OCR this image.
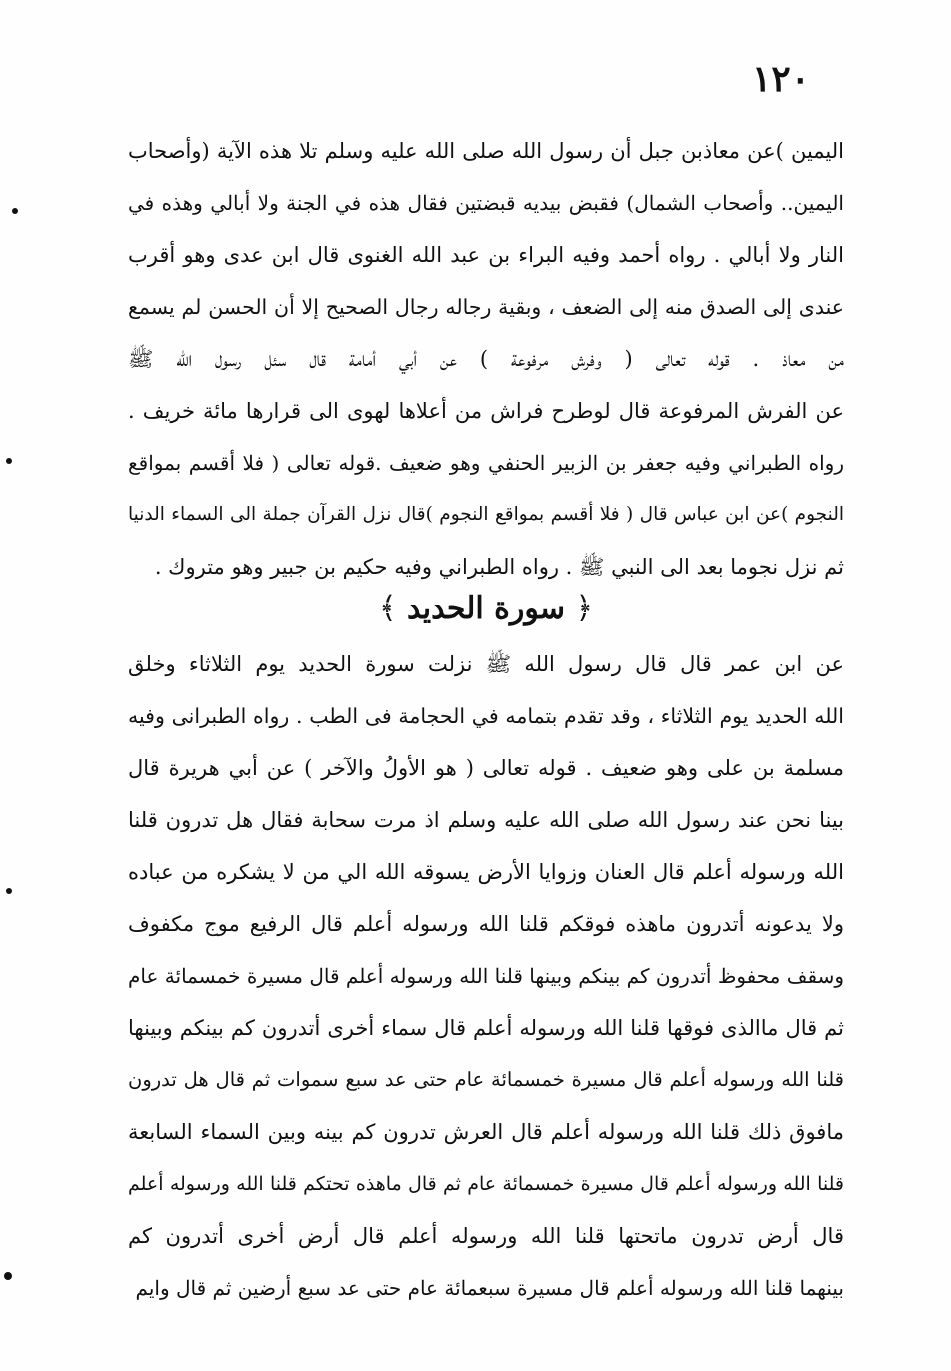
١٢٠
اليمين )عن معاذبن جبل أن رسول الله صلى الله عليه وسلم تلا هذه الآية (وأصحاب
اليمين.. وأصحاب الشمال) فقبض بيديه قبضتين فقال هذه في الجنة ولا أبالي وهذه في
النار ولا أبالي . رواه أحمد وفيه البراء بن عبد الله الغنوى قال ابن عدى وهو أقرب
عندى إلى الصدق منه إلى الضعف ، وبقية رجاله رجال الصحيح إلا أن الحسن لم يسمع
من معاذ . قوله تعالى ( وفرش مرفوعة ) عن أبي أمامة قال سئل رسول الله ﷺ
عن الفرش المرفوعة قال لوطرح فراش من أعلاها لهوى الى قرارها مائة خريف .
رواه الطبراني وفيه جعفر بن الزبير الحنفي وهو ضعيف .قوله تعالى ( فلا أقسم بمواقع
النجوم )عن ابن عباس قال ( فلا أقسم بمواقع النجوم )قال نزل القرآن جملة الى السماء الدنيا
ثم نزل نجوما بعد الى النبي ﷺ . رواه الطبراني وفيه حكيم بن جبير وهو متروك .
﴿ سورة الحديد ﴾
عن ابن عمر قال قال رسول الله ﷺ نزلت سورة الحديد يوم الثلاثاء وخلق
الله الحديد يوم الثلاثاء ، وقد تقدم بتمامه في الحجامة فى الطب . رواه الطبرانى وفيه
مسلمة بن على وهو ضعيف . قوله تعالى ( هو الأولُ والآخر ) عن أبي هريرة قال
بينا نحن عند رسول الله صلى الله عليه وسلم اذ مرت سحابة فقال هل تدرون قلنا
الله ورسوله أعلم قال العنان وزوايا الأرض يسوقه الله الي من لا يشكره من عباده
ولا يدعونه أتدرون ماهذه فوقكم قلنا الله ورسوله أعلم قال الرفيع موج مكفوف
وسقف محفوظ أتدرون كم بينكم وبينها قلنا الله ورسوله أعلم قال مسيرة خمسمائة عام
ثم قال ماالذى فوقها قلنا الله ورسوله أعلم قال سماء أخرى أتدرون كم بينكم وبينها
قلنا الله ورسوله أعلم قال مسيرة خمسمائة عام حتى عد سبع سموات ثم قال هل تدرون
مافوق ذلك قلنا الله ورسوله أعلم قال العرش تدرون كم بينه وبين السماء السابعة
قلنا الله ورسوله أعلم قال مسيرة خمسمائة عام ثم قال ماهذه تحتكم قلنا الله ورسوله أعلم
قال أرض تدرون ماتحتها قلنا الله ورسوله أعلم قال أرض أخرى أتدرون كم
بينهما قلنا الله ورسوله أعلم قال مسيرة سبعمائة عام حتى عد سبع أرضين ثم قال وايم
